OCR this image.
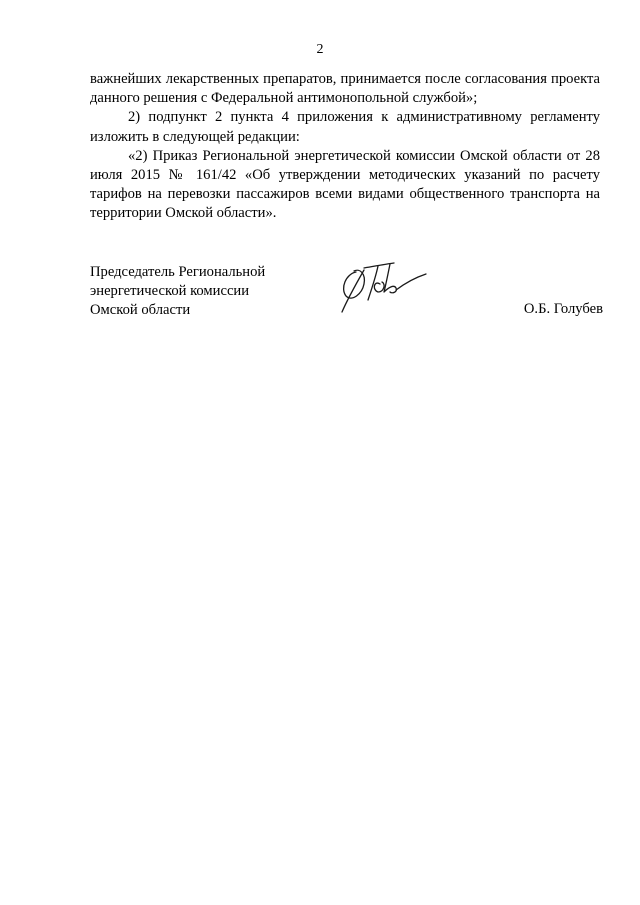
2

важнейших лекарственных препаратов, принимается после согласования проекта данного решения с Федеральной антимонопольной службой»;

2) подпункт 2 пункта 4 приложения к административному регламенту изложить в следующей редакции:

«2) Приказ Региональной энергетической комиссии Омской области от 28 июля 2015 № 161/42 «Об утверждении методических указаний по расчету тарифов на перевозки пассажиров всеми видами общественного транспорта на территории Омской области».

Председатель Региональной
энергетической комиссии
Омской области	О.Б. Голубев
